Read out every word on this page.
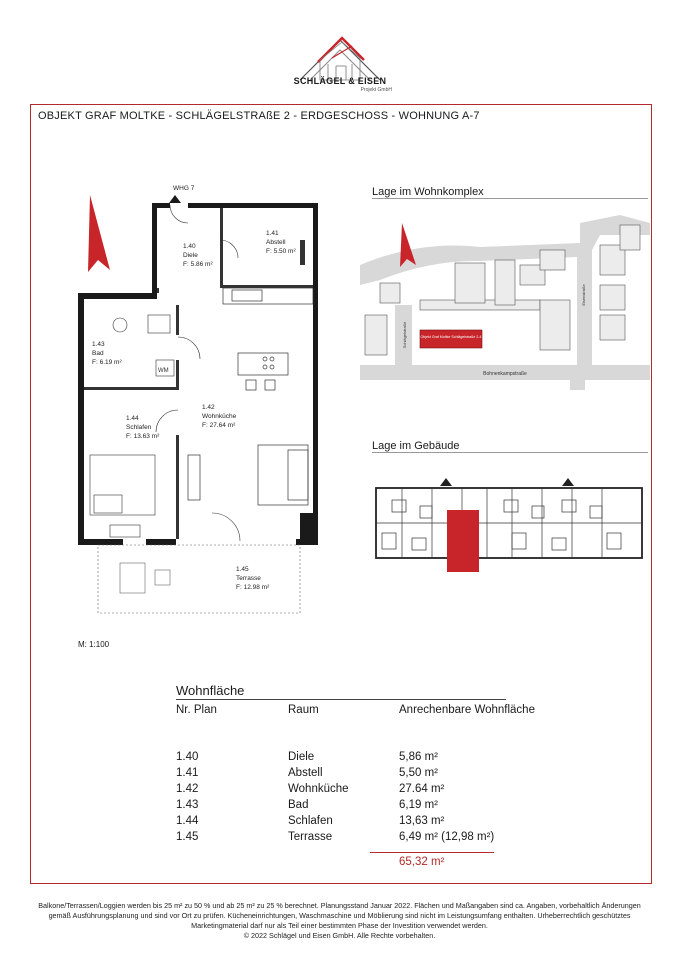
SCHLÄGEL & EISEN
Projekt GmbH
OBJEKT GRAF MOLTKE - SCHLÄGELSTRAßE 2 - ERDGESCHOSS - WOHNUNG A-7
WM
WHG 7
1.40
Diele
F: 5.86 m²
1.41
Abstell
F: 5.50 m²
1.43
Bad
F: 6.19 m²
1.42
Wohnküche
F: 27.64 m²
1.44
Schlafen
F: 13.63 m²
1.45
Terrasse
F: 12.98 m²
M: 1:100
Lage im Wohnkomplex
Objekt Graf Moltke Schlägelstraße 2-4
Bohnenkampstraße
Schlägelstraße
Eisenstraße
Lage im Gebäude
Wohnfläche
Nr. Plan	Raum	Anrechenbare Wohnfläche
1.40	Diele	5,86 m²
1.41	Abstell	5,50 m²
1.42	Wohnküche	27.64 m²
1.43	Bad	6,19 m²
1.44	Schlafen	13,63 m²
1.45	Terrasse	6,49 m² (12,98 m²)
65,32 m²
Balkone/Terrassen/Loggien werden bis 25 m² zu 50 % und ab 25 m² zu 25 % berechnet. Planungsstand Januar 2022. Flächen und Maßangaben sind ca. Angaben, vorbehaltlich Änderungen
gemäß Ausführungsplanung und sind vor Ort zu prüfen. Kücheneinrichtungen, Waschmaschine und Möblierung sind nicht im Leistungsumfang enthalten. Urheberrechtlich geschütztes
Marketingmaterial darf nur als Teil einer bestimmten Phase der Investition verwendet werden.
© 2022 Schlägel und Eisen GmbH. Alle Rechte vorbehalten.
